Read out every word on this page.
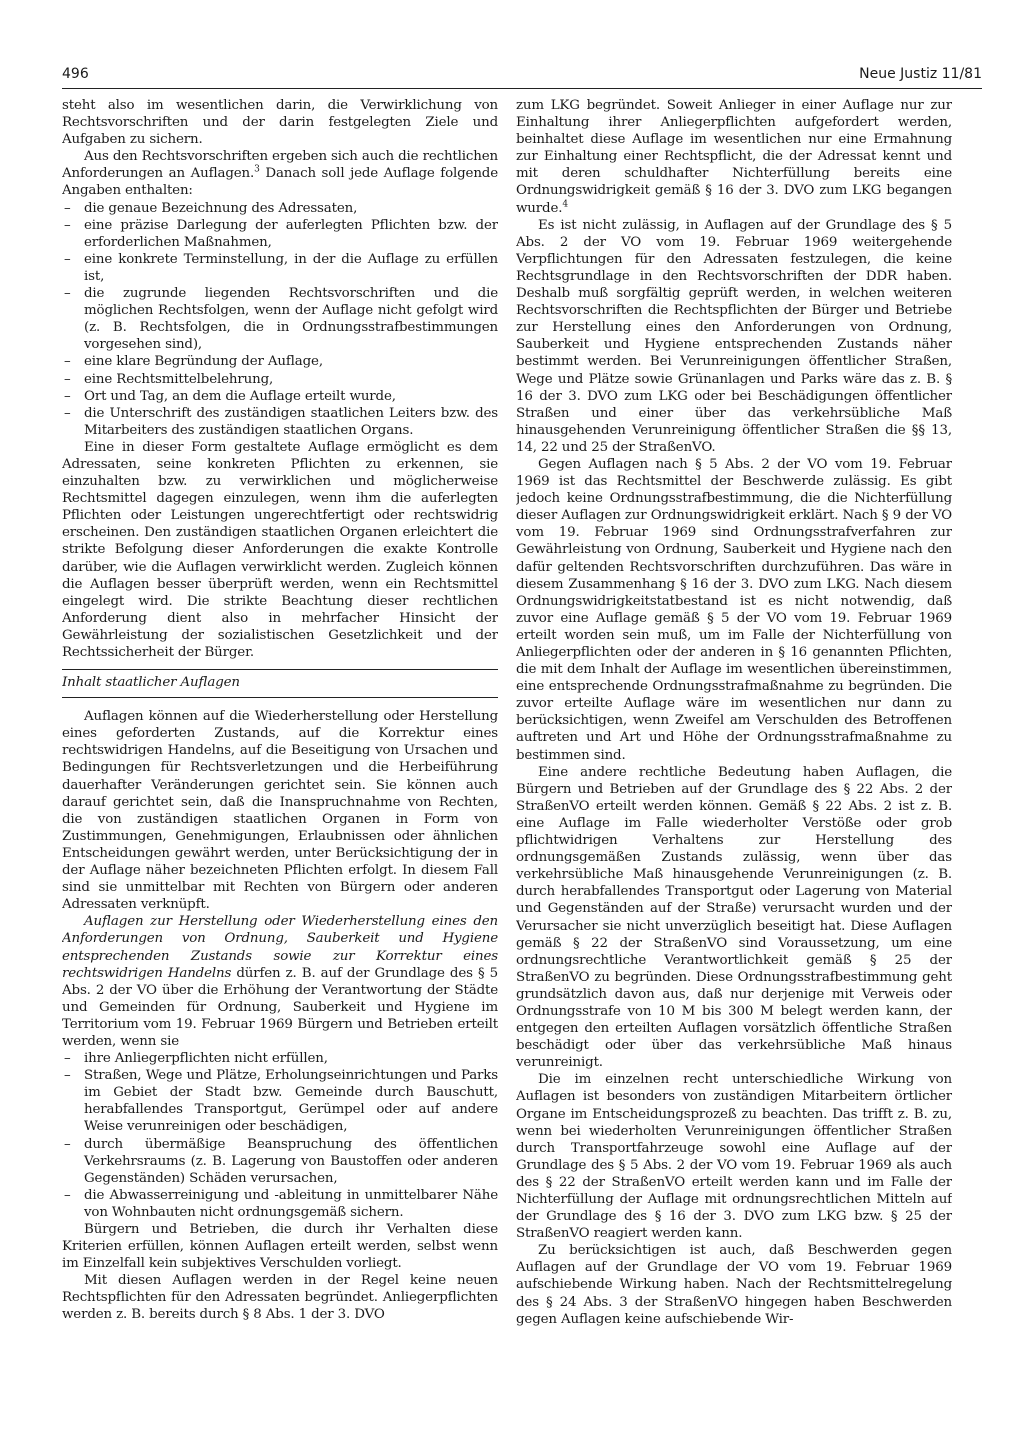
496	Neue Justiz 11/81

steht also im wesentlichen darin, die Verwirklichung von Rechtsvorschriften und der darin festgelegten Ziele und Aufgaben zu sichern.

Aus den Rechtsvorschriften ergeben sich auch die rechtlichen Anforderungen an Auflagen.$^3$ Danach soll jede Auflage folgende Angaben enthalten:

– die genaue Bezeichnung des Adressaten,
– eine präzise Darlegung der auferlegten Pflichten bzw. der erforderlichen Maßnahmen,
– eine konkrete Terminstellung, in der die Auflage zu erfüllen ist,
– die zugrunde liegenden Rechtsvorschriften und die möglichen Rechtsfolgen, wenn der Auflage nicht gefolgt wird (z. B. Rechtsfolgen, die in Ordnungsstrafbestimmungen vorgesehen sind),
– eine klare Begründung der Auflage,
– eine Rechtsmittelbelehrung,
– Ort und Tag, an dem die Auflage erteilt wurde,
– die Unterschrift des zuständigen staatlichen Leiters bzw. des Mitarbeiters des zuständigen staatlichen Organs.

Eine in dieser Form gestaltete Auflage ermöglicht es dem Adressaten, seine konkreten Pflichten zu erkennen, sie einzuhalten bzw. zu verwirklichen und möglicherweise Rechtsmittel dagegen einzulegen, wenn ihm die auferlegten Pflichten oder Leistungen ungerechtfertigt oder rechtswidrig erscheinen. Den zuständigen staatlichen Organen erleichtert die strikte Befolgung dieser Anforderungen die exakte Kontrolle darüber, wie die Auflagen verwirklicht werden. Zugleich können die Auflagen besser überprüft werden, wenn ein Rechtsmittel eingelegt wird. Die strikte Beachtung dieser rechtlichen Anforderung dient also in mehrfacher Hinsicht der Gewährleistung der sozialistischen Gesetzlichkeit und der Rechtssicherheit der Bürger.

Inhalt staatlicher Auflagen

Auflagen können auf die Wiederherstellung oder Herstellung eines geforderten Zustands, auf die Korrektur eines rechtswidrigen Handelns, auf die Beseitigung von Ursachen und Bedingungen für Rechtsverletzungen und die Herbeiführung dauerhafter Veränderungen gerichtet sein. Sie können auch darauf gerichtet sein, daß die Inanspruchnahme von Rechten, die von zuständigen staatlichen Organen in Form von Zustimmungen, Genehmigungen, Erlaubnissen oder ähnlichen Entscheidungen gewährt werden, unter Berücksichtigung der in der Auflage näher bezeichneten Pflichten erfolgt. In diesem Fall sind sie unmittelbar mit Rechten von Bürgern oder anderen Adressaten verknüpft.

Auflagen zur Herstellung oder Wiederherstellung eines den Anforderungen von Ordnung, Sauberkeit und Hygiene entsprechenden Zustands sowie zur Korrektur eines rechtswidrigen Handelns dürfen z. B. auf der Grundlage des § 5 Abs. 2 der VO über die Erhöhung der Verantwortung der Städte und Gemeinden für Ordnung, Sauberkeit und Hygiene im Territorium vom 19. Februar 1969 Bürgern und Betrieben erteilt werden, wenn sie

– ihre Anliegerpflichten nicht erfüllen,
– Straßen, Wege und Plätze, Erholungseinrichtungen und Parks im Gebiet der Stadt bzw. Gemeinde durch Bauschutt, herabfallendes Transportgut, Gerümpel oder auf andere Weise verunreinigen oder beschädigen,
– durch übermäßige Beanspruchung des öffentlichen Verkehrsraums (z. B. Lagerung von Baustoffen oder anderen Gegenständen) Schäden verursachen,
– die Abwasserreinigung und -ableitung in unmittelbarer Nähe von Wohnbauten nicht ordnungsgemäß sichern.

Bürgern und Betrieben, die durch ihr Verhalten diese Kriterien erfüllen, können Auflagen erteilt werden, selbst wenn im Einzelfall kein subjektives Verschulden vorliegt.

Mit diesen Auflagen werden in der Regel keine neuen Rechtspflichten für den Adressaten begründet. Anliegerpflichten werden z. B. bereits durch § 8 Abs. 1 der 3. DVO

zum LKG begründet. Soweit Anlieger in einer Auflage nur zur Einhaltung ihrer Anliegerpflichten aufgefordert werden, beinhaltet diese Auflage im wesentlichen nur eine Ermahnung zur Einhaltung einer Rechtspflicht, die der Adressat kennt und mit deren schuldhafter Nichterfüllung bereits eine Ordnungswidrigkeit gemäß § 16 der 3. DVO zum LKG begangen wurde.$^4$

Es ist nicht zulässig, in Auflagen auf der Grundlage des § 5 Abs. 2 der VO vom 19. Februar 1969 weitergehende Verpflichtungen für den Adressaten festzulegen, die keine Rechtsgrundlage in den Rechtsvorschriften der DDR haben. Deshalb muß sorgfältig geprüft werden, in welchen weiteren Rechtsvorschriften die Rechtspflichten der Bürger und Betriebe zur Herstellung eines den Anforderungen von Ordnung, Sauberkeit und Hygiene entsprechenden Zustands näher bestimmt werden. Bei Verunreinigungen öffentlicher Straßen, Wege und Plätze sowie Grünanlagen und Parks wäre das z. B. § 16 der 3. DVO zum LKG oder bei Beschädigungen öffentlicher Straßen und einer über das verkehrsübliche Maß hinausgehenden Verunreinigung öffentlicher Straßen die §§ 13, 14, 22 und 25 der StraßenVO.

Gegen Auflagen nach § 5 Abs. 2 der VO vom 19. Februar 1969 ist das Rechtsmittel der Beschwerde zulässig. Es gibt jedoch keine Ordnungsstrafbestimmung, die die Nichterfüllung dieser Auflagen zur Ordnungswidrigkeit erklärt. Nach § 9 der VO vom 19. Februar 1969 sind Ordnungsstrafverfahren zur Gewährleistung von Ordnung, Sauberkeit und Hygiene nach den dafür geltenden Rechtsvorschriften durchzuführen. Das wäre in diesem Zusammenhang § 16 der 3. DVO zum LKG. Nach diesem Ordnungswidrigkeitstatbestand ist es nicht notwendig, daß zuvor eine Auflage gemäß § 5 der VO vom 19. Februar 1969 erteilt worden sein muß, um im Falle der Nichterfüllung von Anliegerpflichten oder der anderen in § 16 genannten Pflichten, die mit dem Inhalt der Auflage im wesentlichen übereinstimmen, eine entsprechende Ordnungsstrafmaßnahme zu begründen. Die zuvor erteilte Auflage wäre im wesentlichen nur dann zu berücksichtigen, wenn Zweifel am Verschulden des Betroffenen auftreten und Art und Höhe der Ordnungsstrafmaßnahme zu bestimmen sind.

Eine andere rechtliche Bedeutung haben Auflagen, die Bürgern und Betrieben auf der Grundlage des § 22 Abs. 2 der StraßenVO erteilt werden können. Gemäß § 22 Abs. 2 ist z. B. eine Auflage im Falle wiederholter Verstöße oder grob pflichtwidrigen Verhaltens zur Herstellung des ordnungsgemäßen Zustands zulässig, wenn über das verkehrsübliche Maß hinausgehende Verunreinigungen (z. B. durch herabfallendes Transportgut oder Lagerung von Material und Gegenständen auf der Straße) verursacht wurden und der Verursacher sie nicht unverzüglich beseitigt hat. Diese Auflagen gemäß § 22 der StraßenVO sind Voraussetzung, um eine ordnungsrechtliche Verantwortlichkeit gemäß § 25 der StraßenVO zu begründen. Diese Ordnungsstrafbestimmung geht grundsätzlich davon aus, daß nur derjenige mit Verweis oder Ordnungsstrafe von 10 M bis 300 M belegt werden kann, der entgegen den erteilten Auflagen vorsätzlich öffentliche Straßen beschädigt oder über das verkehrsübliche Maß hinaus verunreinigt.

Die im einzelnen recht unterschiedliche Wirkung von Auflagen ist besonders von zuständigen Mitarbeitern örtlicher Organe im Entscheidungsprozeß zu beachten. Das trifft z. B. zu, wenn bei wiederholten Verunreinigungen öffentlicher Straßen durch Transportfahrzeuge sowohl eine Auflage auf der Grundlage des § 5 Abs. 2 der VO vom 19. Februar 1969 als auch des § 22 der StraßenVO erteilt werden kann und im Falle der Nichterfüllung der Auflage mit ordnungsrechtlichen Mitteln auf der Grundlage des § 16 der 3. DVO zum LKG bzw. § 25 der StraßenVO reagiert werden kann.

Zu berücksichtigen ist auch, daß Beschwerden gegen Auflagen auf der Grundlage der VO vom 19. Februar 1969 aufschiebende Wirkung haben. Nach der Rechtsmittelregelung des § 24 Abs. 3 der StraßenVO hingegen haben Beschwerden gegen Auflagen keine aufschiebende Wir-
